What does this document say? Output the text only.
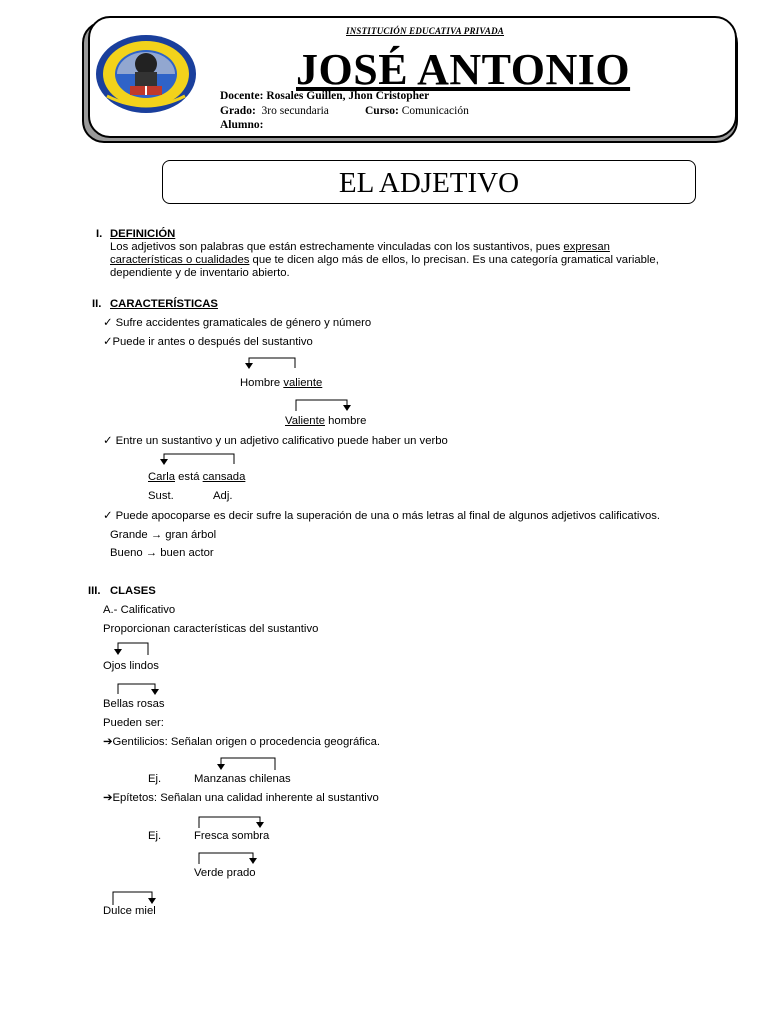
INSTITUCIÓN EDUCATIVA PRIVADA
JOSÉ ANTONIO
Docente: Rosales Guillen, Jhon Cristopher
Grado: 3ro secundaria	Curso: Comunicación
Alumno:
EL ADJETIVO
I. DEFINICIÓN
Los adjetivos son palabras que están estrechamente vinculadas con los sustantivos, pues expresan
características o cualidades que te dicen algo más de ellos, lo precisan. Es una categoría gramatical variable,
dependiente y de inventario abierto.
II. CARACTERÍSTICAS
✓ Sufre accidentes gramaticales de género y número
✓Puede ir antes o después del sustantivo
Hombre valiente
Valiente hombre
✓ Entre un sustantivo y un adjetivo calificativo puede haber un verbo
Carla está cansada
Sust.	Adj.
✓ Puede apocoparse es decir sufre la superación de una o más letras al final de algunos adjetivos calificativos.
Grande → gran árbol
Bueno → buen actor
III. CLASES
A.- Calificativo
Proporcionan características del sustantivo
Ojos lindos
Bellas rosas
Pueden ser:
➔Gentilicios: Señalan origen o procedencia geográfica.
Ej.	Manzanas chilenas
➔Epítetos: Señalan una calidad inherente al sustantivo
Ej.	Fresca sombra
Verde prado
Dulce miel
